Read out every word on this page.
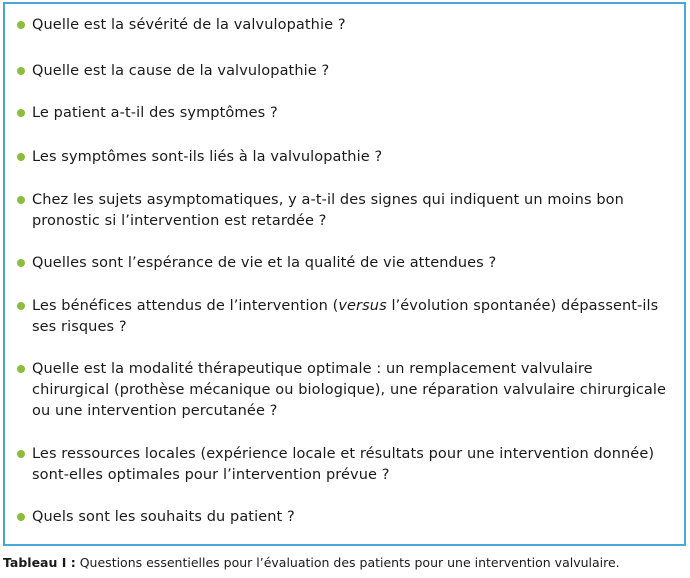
Quelle est la sévérité de la valvulopathie ?
Quelle est la cause de la valvulopathie ?
Le patient a-t-il des symptômes ?
Les symptômes sont-ils liés à la valvulopathie ?
Chez les sujets asymptomatiques, y a-t-il des signes qui indiquent un moins bon pronostic si l’intervention est retardée ?
Quelles sont l’espérance de vie et la qualité de vie attendues ?
Les bénéfices attendus de l’intervention (versus l’évolution spontanée) dépassent-ils ses risques ?
Quelle est la modalité thérapeutique optimale : un remplacement valvulaire chirurgical (prothèse mécanique ou biologique), une réparation valvulaire chirurgicale ou une intervention percutanée ?
Les ressources locales (expérience locale et résultats pour une intervention donnée) sont-elles optimales pour l’intervention prévue ?
Quels sont les souhaits du patient ?
Tableau I : Questions essentielles pour l’évaluation des patients pour une intervention valvulaire.
